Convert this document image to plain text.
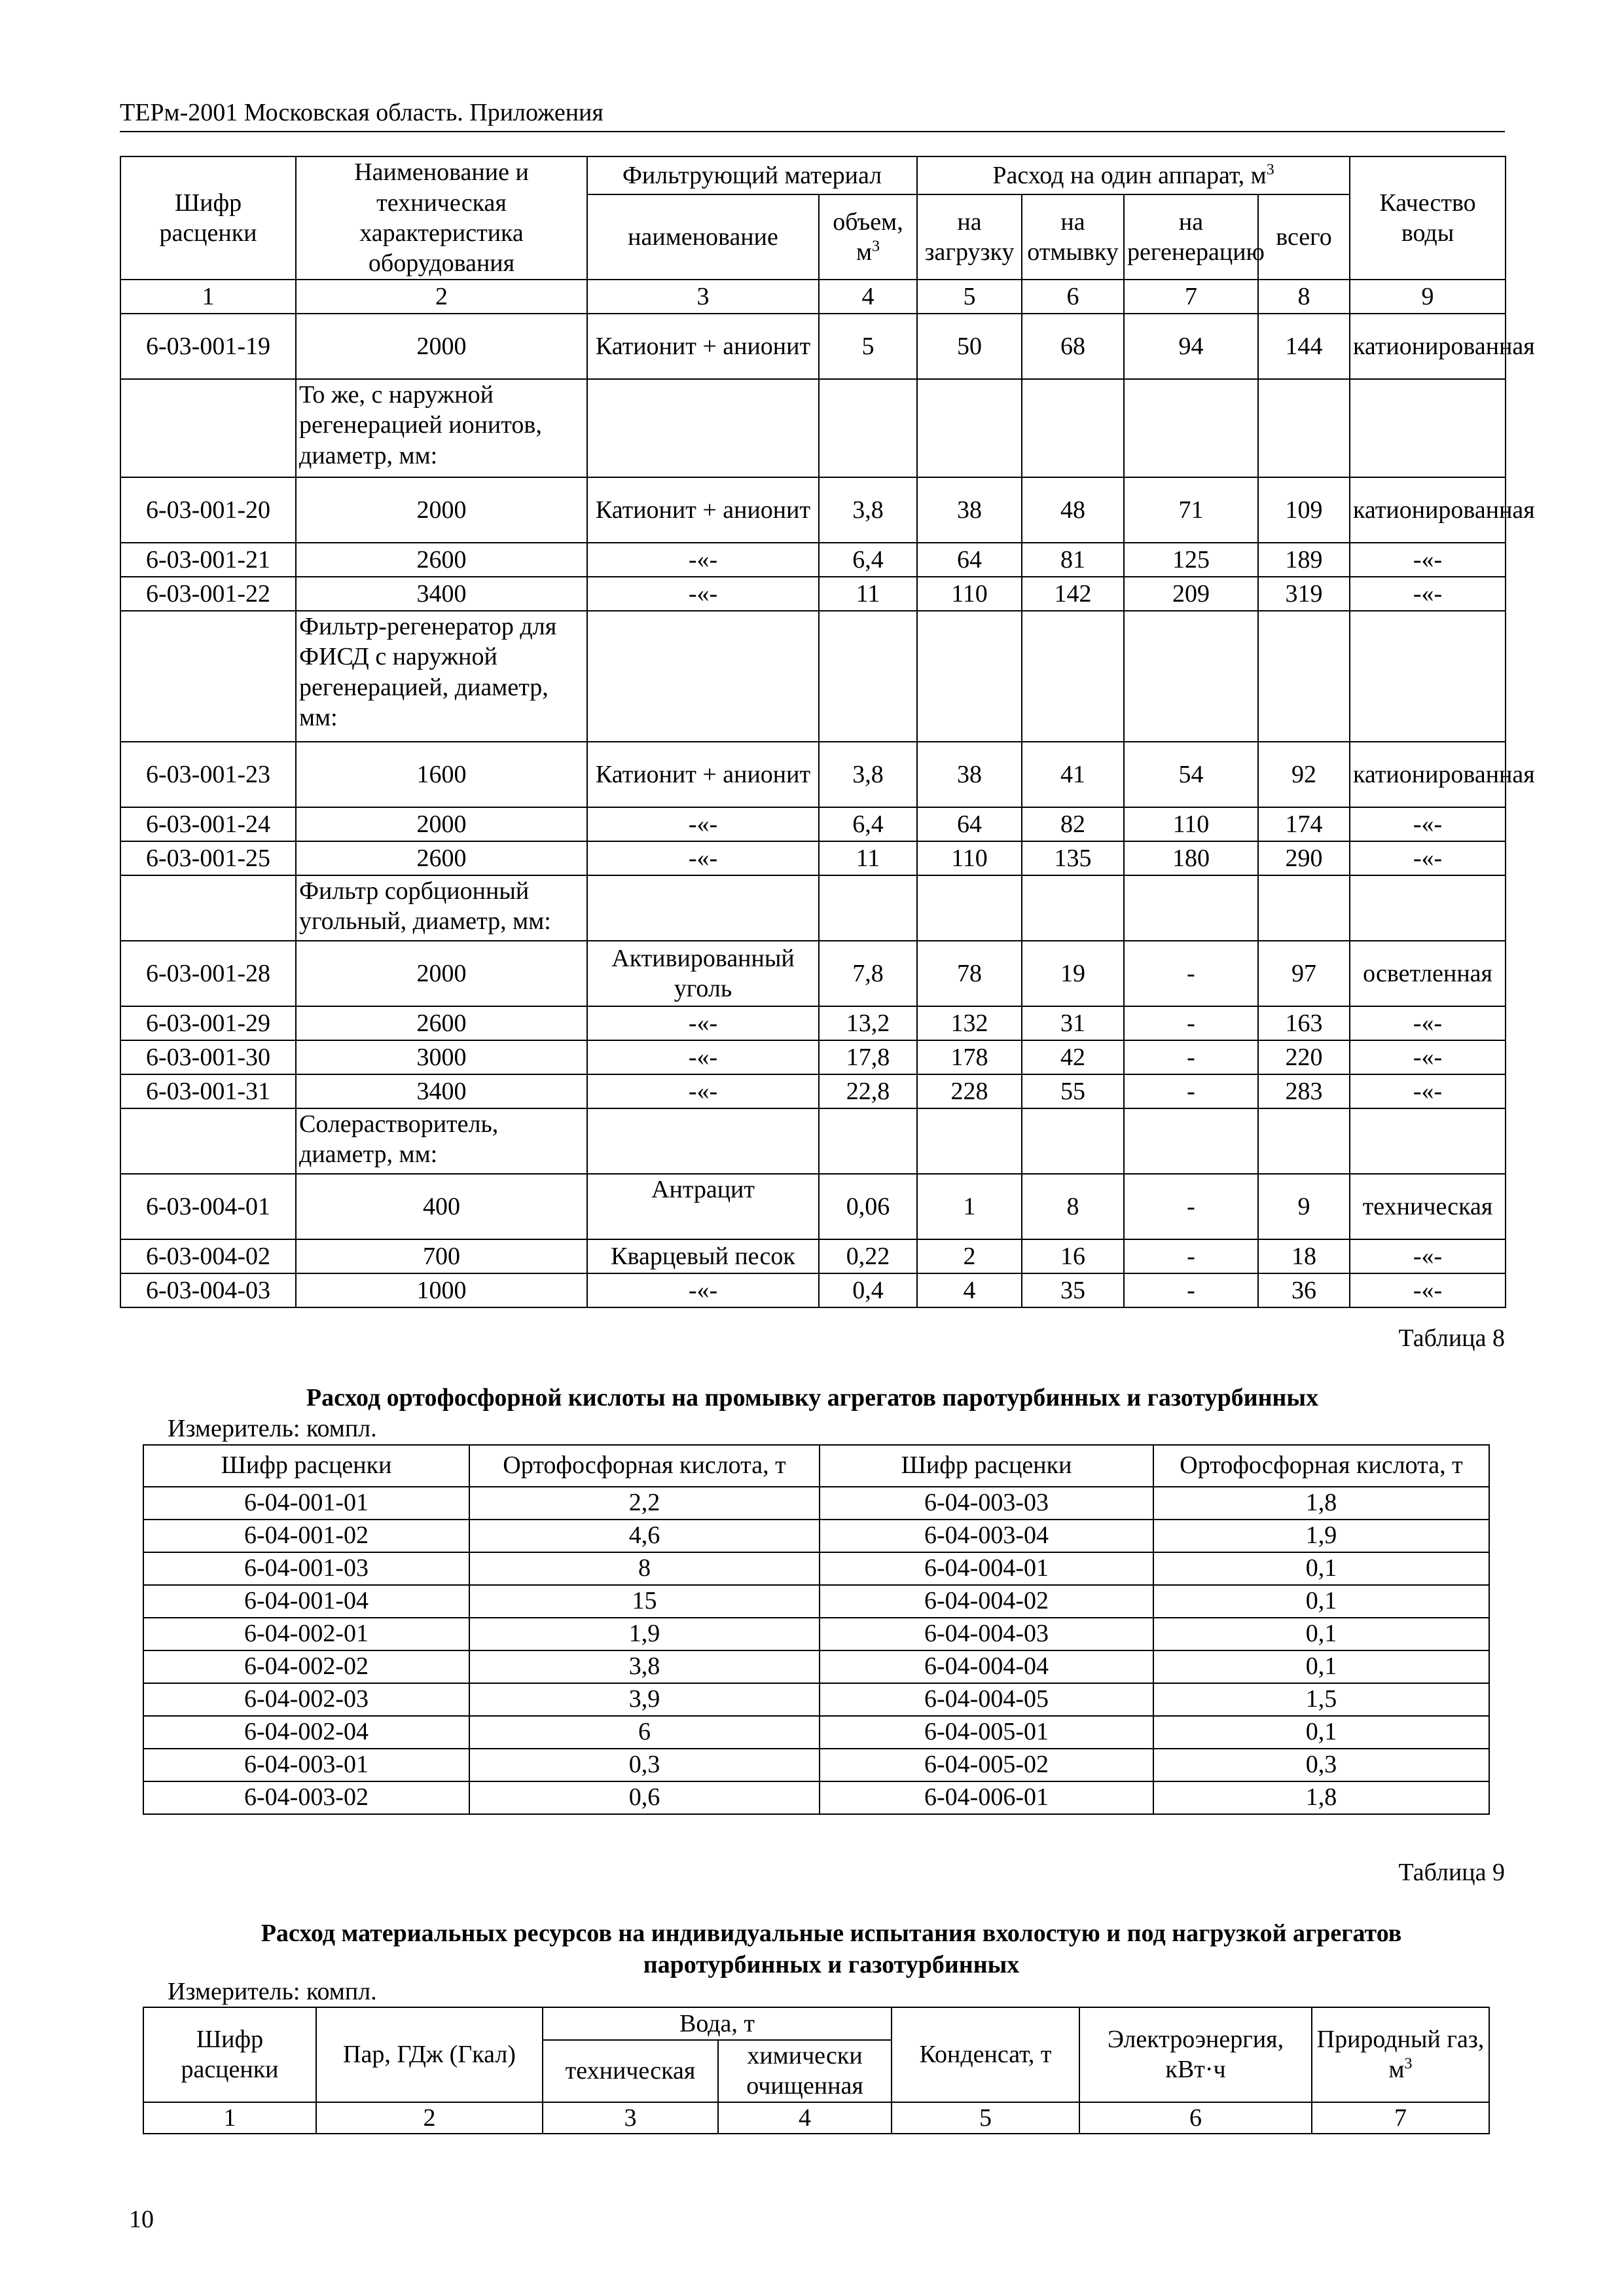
ТЕРм-2001 Московская область. Приложения
Шифр расценки	Наименование и техническая характеристика оборудования	Фильтрующий материал		Расход на один аппарат, $м^3$				Качество воды
		наименование	объем, $м^3$	на загрузку	на отмывку	на регенерацию	всего	
1	2	3	4	5	6	7	8	9
6-03-001-19	2000	Катионит + анионит	5	50	68	94	144	катионированная
	То же, с наружной регенерацией ионитов, диаметр, мм:							
6-03-001-20	2000	Катионит + анионит	3,8	38	48	71	109	катионированная
6-03-001-21	2600	-«-	6,4	64	81	125	189	-«-
6-03-001-22	3400	-«-	11	110	142	209	319	-«-
	Фильтр-регенератор для ФИСД с наружной регенерацией, диаметр, мм:							
6-03-001-23	1600	Катионит + анионит	3,8	38	41	54	92	катионированная
6-03-001-24	2000	-«-	6,4	64	82	110	174	-«-
6-03-001-25	2600	-«-	11	110	135	180	290	-«-
	Фильтр сорбционный угольный, диаметр, мм:							
6-03-001-28	2000	Активированный уголь	7,8	78	19	-	97	осветленная
6-03-001-29	2600	-«-	13,2	132	31	-	163	-«-
6-03-001-30	3000	-«-	17,8	178	42	-	220	-«-
6-03-001-31	3400	-«-	22,8	228	55	-	283	-«-
	Солерастворитель, диаметр, мм:							
6-03-004-01	400	Антрацит	0,06	1	8	-	9	техническая
6-03-004-02	700	Кварцевый песок	0,22	2	16	-	18	-«-
6-03-004-03	1000	-«-	0,4	4	35	-	36	-«-
Таблица 8
Расход ортофосфорной кислоты на промывку агрегатов паротурбинных и газотурбинных
Измеритель: компл.
Шифр расценки	Ортофосфорная кислота, т	Шифр расценки	Ортофосфорная кислота, т
6-04-001-01	2,2	6-04-003-03	1,8
6-04-001-02	4,6	6-04-003-04	1,9
6-04-001-03	8	6-04-004-01	0,1
6-04-001-04	15	6-04-004-02	0,1
6-04-002-01	1,9	6-04-004-03	0,1
6-04-002-02	3,8	6-04-004-04	0,1
6-04-002-03	3,9	6-04-004-05	1,5
6-04-002-04	6	6-04-005-01	0,1
6-04-003-01	0,3	6-04-005-02	0,3
6-04-003-02	0,6	6-04-006-01	1,8
Таблица 9
Расход материальных ресурсов на индивидуальные испытания вхолостую и под нагрузкой агрегатов паротурбинных и газотурбинных
Измеритель: компл.
Шифр расценки	Пар, ГДж (Гкал)	Вода, т		Конденсат, т	Электроэнергия, кВт·ч	Природный газ, $м^3$
		техническая	химически очищенная			
1	2	3	4	5	6	7
10
